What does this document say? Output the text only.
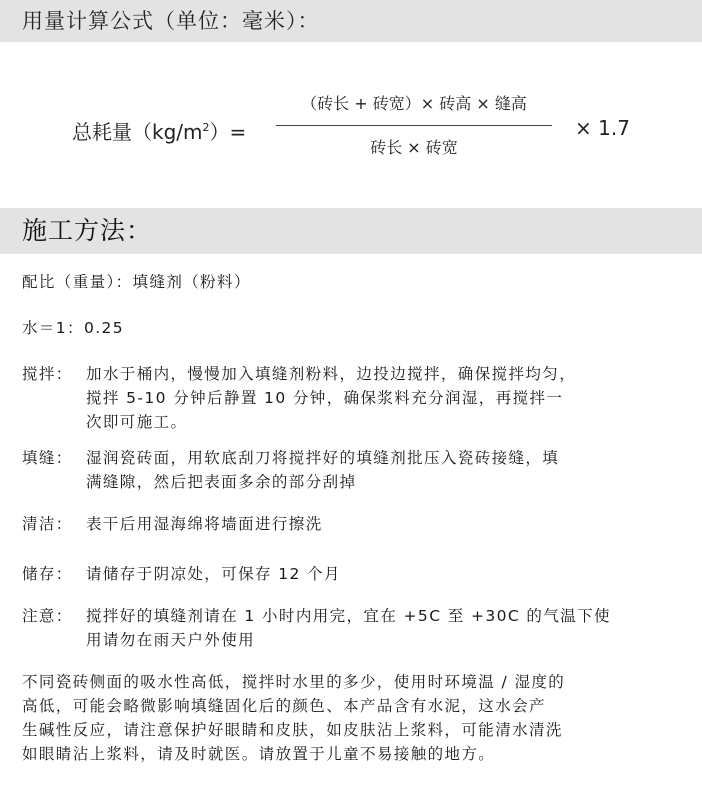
用量计算公式（单位：毫米）：
总耗量$(kg/m^2)=$
（砖长 + 砖宽）× 砖高 × 缝高
砖长 × 砖宽
× 1.7
施工方法：
配比（重量）：填缝剂（粉料）
水＝1：0.25
搅拌： 加水于桶内，慢慢加入填缝剂粉料，边投边搅拌，确保搅拌均匀，
搅拌 5-10 分钟后静置 10 分钟，确保浆料充分润湿，再搅拌一
次即可施工。
填缝： 湿润瓷砖面，用软底刮刀将搅拌好的填缝剂批压入瓷砖接缝，填
满缝隙，然后把表面多余的部分刮掉
清洁： 表干后用湿海绵将墙面进行擦洗
储存： 请储存于阴凉处，可保存 12 个月
注意： 搅拌好的填缝剂请在 1 小时内用完，宜在 +5C 至 +30C 的气温下使
用请勿在雨天户外使用
不同瓷砖侧面的吸水性高低，搅拌时水里的多少，使用时环境温 / 湿度的
高低，可能会略微影响填缝固化后的颜色、本产品含有水泥，这水会产
生碱性反应，请注意保护好眼睛和皮肤，如皮肤沾上浆料，可能清水清洗
如眼睛沾上浆料，请及时就医。请放置于儿童不易接触的地方。
